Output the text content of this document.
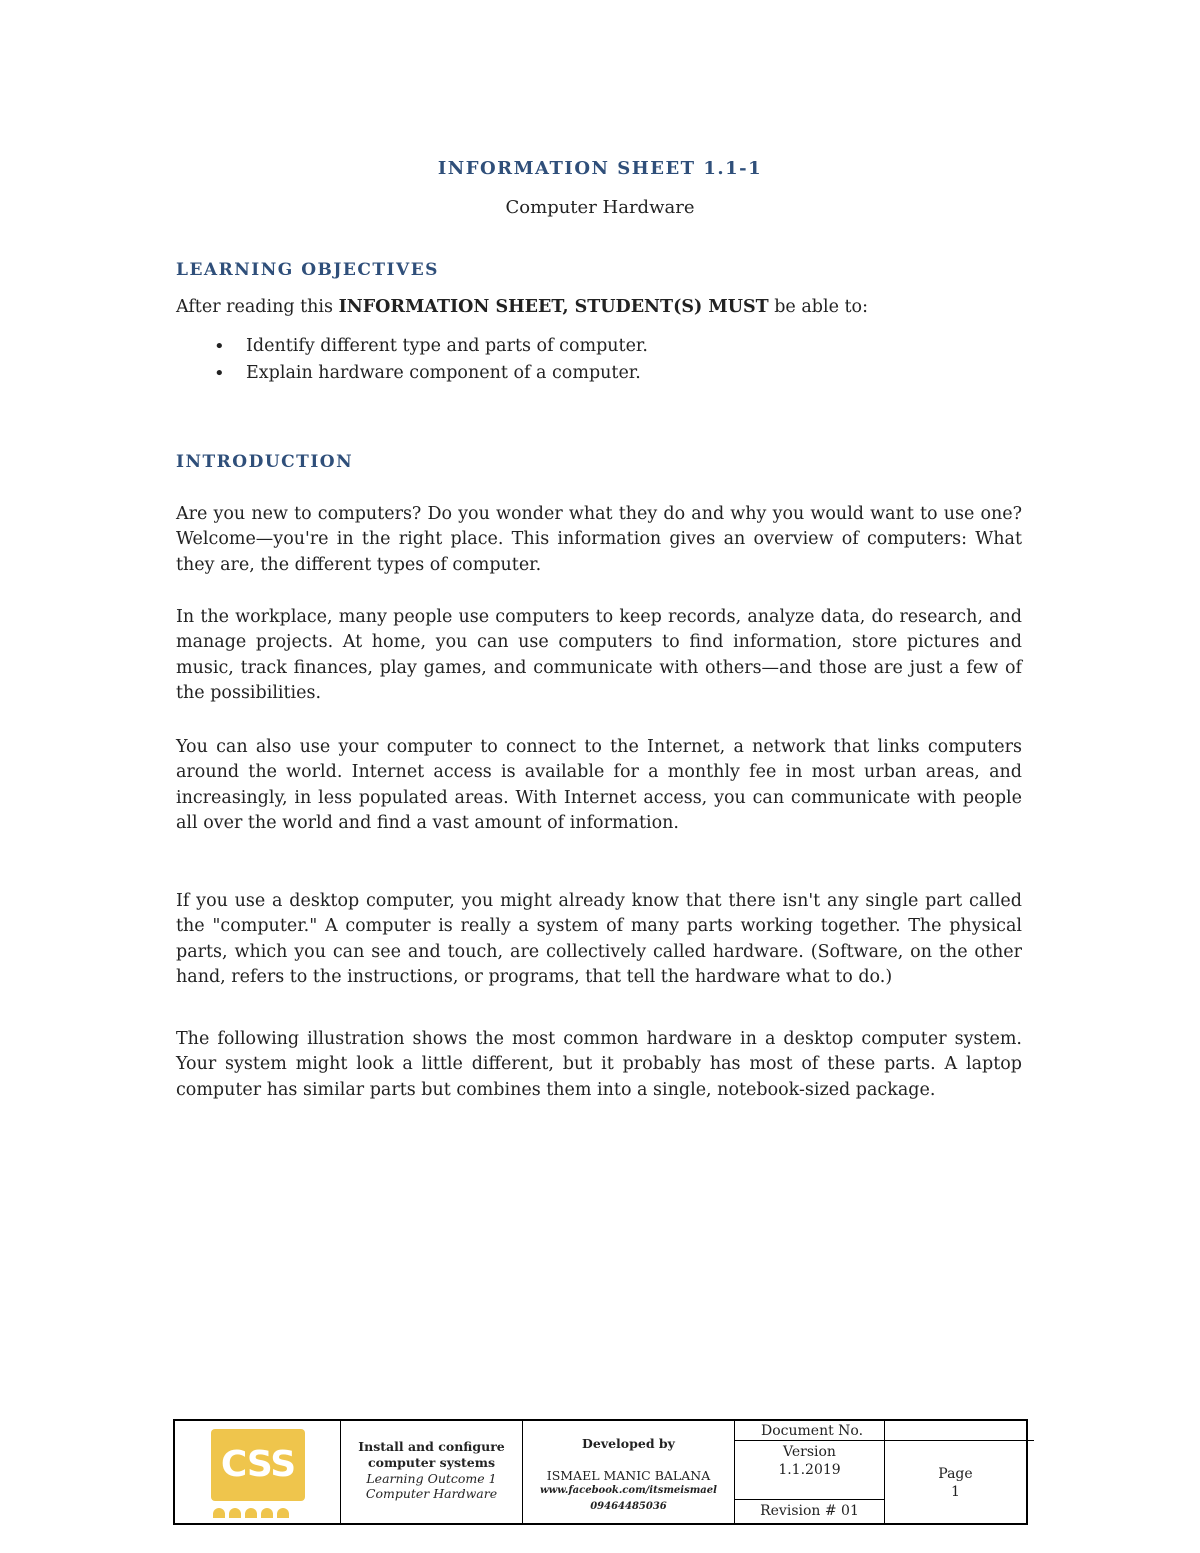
INFORMATION SHEET 1.1-1
Computer Hardware
LEARNING OBJECTIVES
After reading this INFORMATION SHEET, STUDENT(S) MUST be able to:
• Identify different type and parts of computer.
• Explain hardware component of a computer.
INTRODUCTION
Are you new to computers? Do you wonder what they do and why you would want to use one? Welcome—you're in the right place. This information gives an overview of computers: What they are, the different types of computer.
In the workplace, many people use computers to keep records, analyze data, do research, and manage projects. At home, you can use computers to find information, store pictures and music, track finances, play games, and communicate with others—and those are just a few of the possibilities.
You can also use your computer to connect to the Internet, a network that links computers around the world. Internet access is available for a monthly fee in most urban areas, and increasingly, in less populated areas. With Internet access, you can communicate with people all over the world and find a vast amount of information.
If you use a desktop computer, you might already know that there isn't any single part called the "computer." A computer is really a system of many parts working together. The physical parts, which you can see and touch, are collectively called hardware. (Software, on the other hand, refers to the instructions, or programs, that tell the hardware what to do.)
The following illustration shows the most common hardware in a desktop computer system. Your system might look a little different, but it probably has most of these parts. A laptop computer has similar parts but combines them into a single, notebook-sized package.
CSS	Install and configure
computer systems
Learning Outcome 1
Computer Hardware
Developed by
ISMAEL MANIC BALANA
www.facebook.com/itsmeismael
09464485036
Document No.
Version
1.1.2019
Revision # 01
Page
1
